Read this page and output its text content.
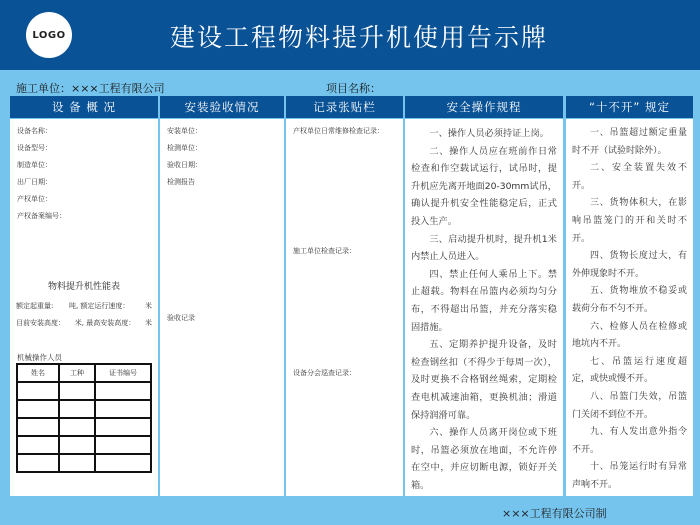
LOGO	建设工程物料提升机使用告示牌
施工单位：×××工程有限公司	项目名称：
设 备 概 况
设备名称：
设备型号：
制造单位：
出厂日期：
产权单位：
产权备案编号：
物料提升机性能表
额定起重量: 吨, 额定运行速度： 米
目前安装高度： 米, 最高安装高度： 米
机械操作人员
姓名	工种	证书编号

安装验收情况
安装单位：
检测单位：
验收日期：
检测报告
验收记录
记录张贴栏
产权单位日常维修检查记录：
施工单位检查记录：
设备分会巡查记录：
安全操作规程

一、操作人员必须持证上岗。

二、操作人员应在班前作日常检查和作空载试运行，试吊时，提升机应先离开地面20-30mm试吊，确认提升机安全性能稳定后，正式投入生产。

三、启动提升机时，提升机1米内禁止人员进入。

四、禁止任何人乘吊上下。禁止超载。物料在吊篮内必须均匀分布，不得超出吊篮，并充分落实稳固措施。

五、定期养护提升设备，及时检查钢丝扣（不得少于每周一次），及时更换不合格钢丝绳索，定期检查电机减速油箱，更换机油；滑道保持润滑可靠。

六、操作人员离开岗位或下班时，吊篮必须放在地面，不允许停在空中，并应切断电源，锁好开关箱。

“十不开” 规定

一、吊篮超过额定重量时不开（试验时除外）。

二、安全装置失效不开。

三、货物体积大，在影响吊篮笼门的开和关时不开。

四、货物长度过大，有外伸现象时不开。

五、货物堆放不稳妥或载荷分布不匀不开。

六、检修人员在检修或地坑内不开。

七、吊篮运行速度超定，或快或慢不开。

八、吊篮门失效，吊篮门关闭不到位不开。

九、有人发出意外指令不开。

十、吊笼运行时有异常声响不开。

×××工程有限公司制
